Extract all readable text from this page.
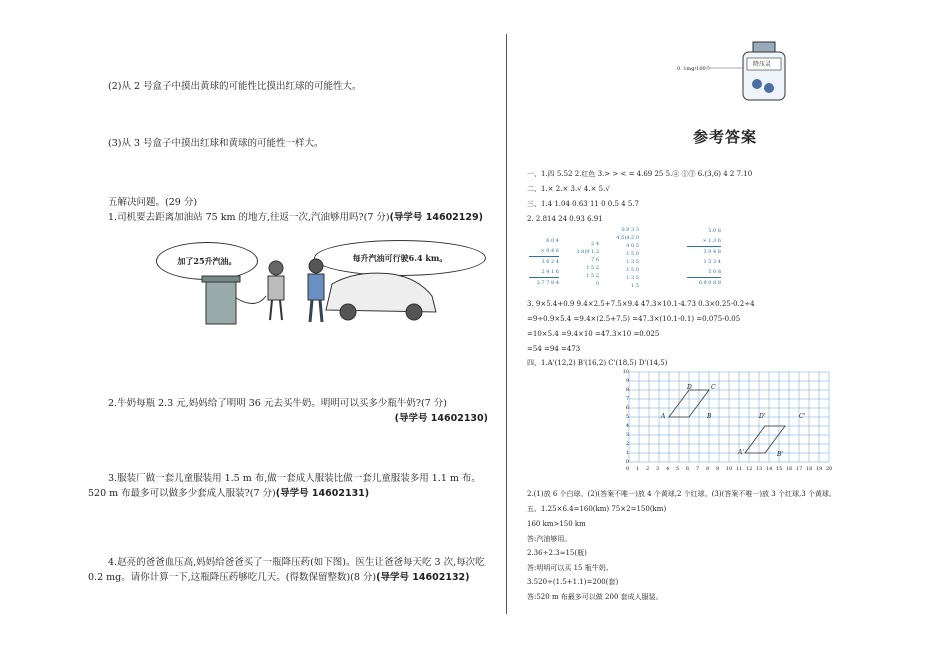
(2)从 2 号盒子中摸出黄球的可能性比摸出红球的可能性大。
(3)从 3 号盒子中摸出红球和黄球的可能性一样大。
五解决问题。(29 分)
1.司机要去距离加油站 75 km 的地方,往返一次,汽油够用吗?(7 分)(导学号 14602129)
加了25升汽油。	每升汽油可行驶6.4 km。
2.牛奶每瓶 2.3 元,妈妈给了明明 36 元去买牛奶。明明可以买多少瓶牛奶?(7 分)
(导学号 14602130)
3.服装厂做一套儿童服装用 1.5 m 布,做一套成人服装比做一套儿童服装多用 1.1 m 布。520 m 布最多可以做多少套成人服装?(7 分)(导学号 14602131)
4.赵亮的爸爸血压高,妈妈给爸爸买了一瓶降压药(如下图)。医生让爸爸每天吃 3 次,每次吃 0.2 mg。请你计算一下,这瓶降压药够吃几天。(得数保留整数)(8 分)(导学号 14602132)
0. 1mg/100片
降压灵
参考答案
一、1.四 5.52 2.红色 3.> > < = 4.69 25 5.④ ①③ 6.(3,6) 4 2 7.10
二、1.× 2.× 3.√ 4.× 5.√
三、1.4 1.04 0.63 11 0 0.5 4 5.7
2. 2.814 24 0.93 6.91
6.0 4
× 0.4 6
3 6 2 4
2 4 1 6
2.7 7 8 4
2 4
3.8)9 1.2
7 6
1 5 2
1 5 2
0
0.9 3 3
4.5)4.2 0
4 0 5
1 5 0
1 3 5
1 5 0
1 3 5
1 5
5.0 8
× 1.3 6
3 0 4 8
1 5 2 4
5 0 8
6.9 0 8 8
3. 9×5.4+0.9 9.4×2.5+7.5×9.4 47.3×10.1-4.73 0.3×0.25-0.2÷4
=9÷0.9×5.4 =9.4×(2.5+7.5) =47.3×(10.1-0.1) =0.075-0.05
=10×5.4 =9.4×10 =47.3×10 =0.025
=54 =94 =473
四、1.A'(12,2) B'(16,2) C'(18,5) D'(14,5)
10
9
8
7
6
5
4
3
2
1
0
0	1	2	3	4	5	6	7	8	9	10 11 12 13 14 15 16 17 18 19 20
A
D	C
B
A'
D'	C'
B'
2.(1)放 6 个白球。(2)(答案不唯一)放 4 个黄球,2 个红球。(3)(答案不唯一)放 3 个红球,3 个黄球。
五、1.25×6.4=160(km) 75×2=150(km)
160 km>150 km
答:汽油够用。
2.36÷2.3≈15(瓶)
答:明明可以买 15 瓶牛奶。
3.520÷(1.5+1.1)=200(套)
答:520 m 布最多可以做 200 套成人服装。
